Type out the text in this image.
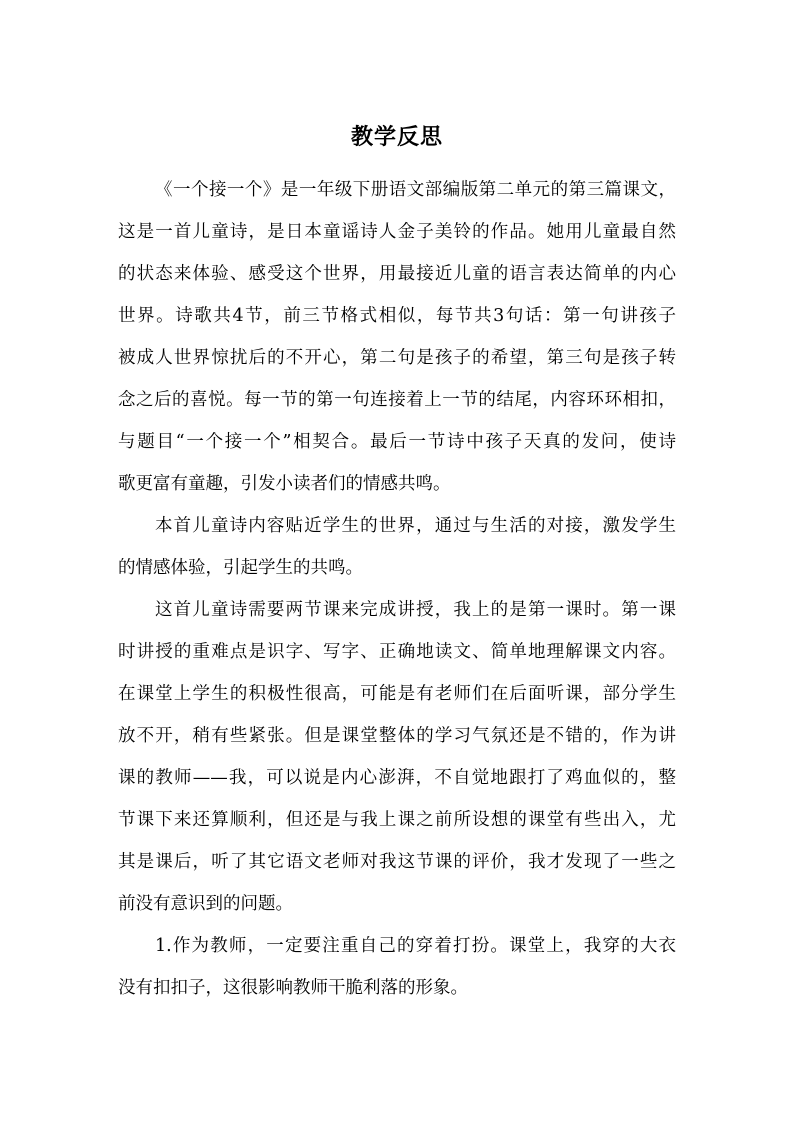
教学反思
《一个接一个》是一年级下册语文部编版第二单元的第三篇课文，
这是一首儿童诗，是日本童谣诗人金子美铃的作品。她用儿童最自然
的状态来体验、感受这个世界，用最接近儿童的语言表达简单的内心
世界。诗歌共4节，前三节格式相似，每节共3句话：第一句讲孩子
被成人世界惊扰后的不开心，第二句是孩子的希望，第三句是孩子转
念之后的喜悦。每一节的第一句连接着上一节的结尾，内容环环相扣，
与题目“一个接一个”相契合。最后一节诗中孩子天真的发问，使诗
歌更富有童趣，引发小读者们的情感共鸣。
本首儿童诗内容贴近学生的世界，通过与生活的对接，激发学生
的情感体验，引起学生的共鸣。
这首儿童诗需要两节课来完成讲授，我上的是第一课时。第一课
时讲授的重难点是识字、写字、正确地读文、简单地理解课文内容。
在课堂上学生的积极性很高，可能是有老师们在后面听课，部分学生
放不开，稍有些紧张。但是课堂整体的学习气氛还是不错的，作为讲
课的教师——我，可以说是内心澎湃，不自觉地跟打了鸡血似的，整
节课下来还算顺利，但还是与我上课之前所设想的课堂有些出入，尤
其是课后，听了其它语文老师对我这节课的评价，我才发现了一些之
前没有意识到的问题。
1.作为教师，一定要注重自己的穿着打扮。课堂上，我穿的大衣
没有扣扣子，这很影响教师干脆利落的形象。
